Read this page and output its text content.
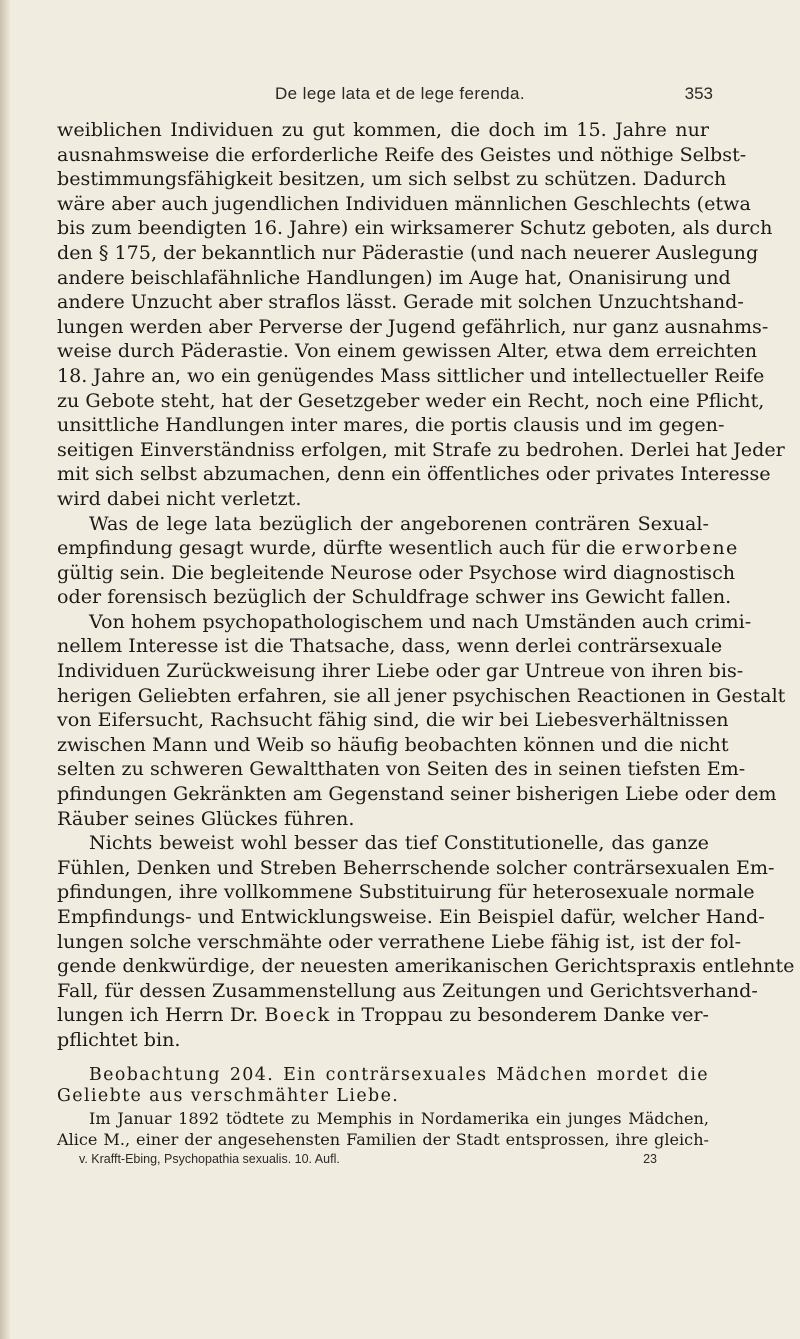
De lege lata et de lege ferenda.	353
weiblichen Individuen zu gut kommen, die doch im 15. Jahre nur
ausnahmsweise die erforderliche Reife des Geistes und nöthige Selbst-
bestimmungsfähigkeit besitzen, um sich selbst zu schützen. Dadurch
wäre aber auch jugendlichen Individuen männlichen Geschlechts (etwa
bis zum beendigten 16. Jahre) ein wirksamerer Schutz geboten, als durch
den § 175, der bekanntlich nur Päderastie (und nach neuerer Auslegung
andere beischlafähnliche Handlungen) im Auge hat, Onanisirung und
andere Unzucht aber straflos lässt. Gerade mit solchen Unzuchtshand-
lungen werden aber Perverse der Jugend gefährlich, nur ganz ausnahms-
weise durch Päderastie. Von einem gewissen Alter, etwa dem erreichten
18. Jahre an, wo ein genügendes Mass sittlicher und intellectueller Reife
zu Gebote steht, hat der Gesetzgeber weder ein Recht, noch eine Pflicht,
unsittliche Handlungen inter mares, die portis clausis und im gegen-
seitigen Einverständniss erfolgen, mit Strafe zu bedrohen. Derlei hat Jeder
mit sich selbst abzumachen, denn ein öffentliches oder privates Interesse
wird dabei nicht verletzt.
Was de lege lata bezüglich der angeborenen conträren Sexual-
empfindung gesagt wurde, dürfte wesentlich auch für die erworbene
gültig sein. Die begleitende Neurose oder Psychose wird diagnostisch
oder forensisch bezüglich der Schuldfrage schwer ins Gewicht fallen.
Von hohem psychopathologischem und nach Umständen auch crimi-
nellem Interesse ist die Thatsache, dass, wenn derlei conträrsexuale
Individuen Zurückweisung ihrer Liebe oder gar Untreue von ihren bis-
herigen Geliebten erfahren, sie all jener psychischen Reactionen in Gestalt
von Eifersucht, Rachsucht fähig sind, die wir bei Liebesverhältnissen
zwischen Mann und Weib so häufig beobachten können und die nicht
selten zu schweren Gewaltthaten von Seiten des in seinen tiefsten Em-
pfindungen Gekränkten am Gegenstand seiner bisherigen Liebe oder dem
Räuber seines Glückes führen.
Nichts beweist wohl besser das tief Constitutionelle, das ganze
Fühlen, Denken und Streben Beherrschende solcher conträrsexualen Em-
pfindungen, ihre vollkommene Substituirung für heterosexuale normale
Empfindungs- und Entwicklungsweise. Ein Beispiel dafür, welcher Hand-
lungen solche verschmähte oder verrathene Liebe fähig ist, ist der fol-
gende denkwürdige, der neuesten amerikanischen Gerichtspraxis entlehnte
Fall, für dessen Zusammenstellung aus Zeitungen und Gerichtsverhand-
lungen ich Herrn Dr. Boeck in Troppau zu besonderem Danke ver-
pflichtet bin.
Beobachtung 204. Ein conträrsexuales Mädchen mordet die
Geliebte aus verschmähter Liebe.
Im Januar 1892 tödtete zu Memphis in Nordamerika ein junges Mädchen,
Alice M., einer der angesehensten Familien der Stadt entsprossen, ihre gleich-
v. Krafft-Ebing, Psychopathia sexualis. 10. Aufl.	23
